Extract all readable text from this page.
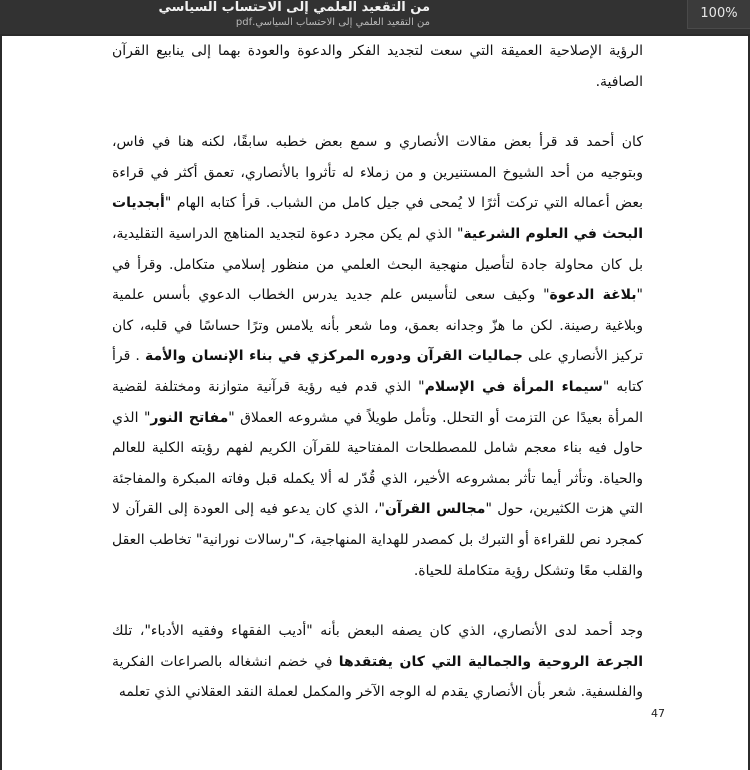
من التقعيد العلمي إلى الاحتساب السياسي
من التقعيد العلمي إلى الاحتساب السياسي.pdf
100%

الرؤية الإصلاحية العميقة التي سعت لتجديد الفكر والدعوة والعودة بهما إلى ينابيع القرآن الصافية.

كان أحمد قد قرأ بعض مقالات الأنصاري و سمع بعض خطبه سابقًا، لكنه هنا في فاس، وبتوجيه من أحد الشيوخ المستنيرين و من زملاء له تأثروا بالأنصاري، تعمق أكثر في قراءة بعض أعماله التي تركت أثرًا لا يُمحى في جيل كامل من الشباب. قرأ كتابه الهام "أبجديات البحث في العلوم الشرعية" الذي لم يكن مجرد دعوة لتجديد المناهج الدراسية التقليدية، بل كان محاولة جادة لتأصيل منهجية البحث العلمي من منظور إسلامي متكامل. وقرأ في "بلاغة الدعوة" وكيف سعى لتأسيس علم جديد يدرس الخطاب الدعوي بأسس علمية وبلاغية رصينة. لكن ما هزّ وجدانه بعمق، وما شعر بأنه يلامس وترًا حساسًا في قلبه، كان تركيز الأنصاري على جماليات القرآن ودوره المركزي في بناء الإنسان والأمة . قرأ كتابه "سيماء المرأة في الإسلام" الذي قدم فيه رؤية قرآنية متوازنة ومختلفة لقضية المرأة بعيدًا عن التزمت أو التحلل. وتأمل طويلاً في مشروعه العملاق "مفاتح النور" الذي حاول فيه بناء معجم شامل للمصطلحات المفتاحية للقرآن الكريم لفهم رؤيته الكلية للعالم والحياة. وتأثر أيما تأثر بمشروعه الأخير، الذي قُدّر له ألا يكمله قبل وفاته المبكرة والمفاجئة التي هزت الكثيرين، حول "مجالس القرآن"، الذي كان يدعو فيه إلى العودة إلى القرآن لا كمجرد نص للقراءة أو التبرك بل كمصدر للهداية المنهاجية، كـ"رسالات نورانية" تخاطب العقل والقلب معًا وتشكل رؤية متكاملة للحياة.

وجد أحمد لدى الأنصاري، الذي كان يصفه البعض بأنه "أديب الفقهاء وفقيه الأدباء"، تلك الجرعة الروحية والجمالية التي كان يفتقدها في خضم انشغاله بالصراعات الفكرية والفلسفية. شعر بأن الأنصاري يقدم له الوجه الآخر والمكمل لعملة النقد العقلاني الذي تعلمه

47
